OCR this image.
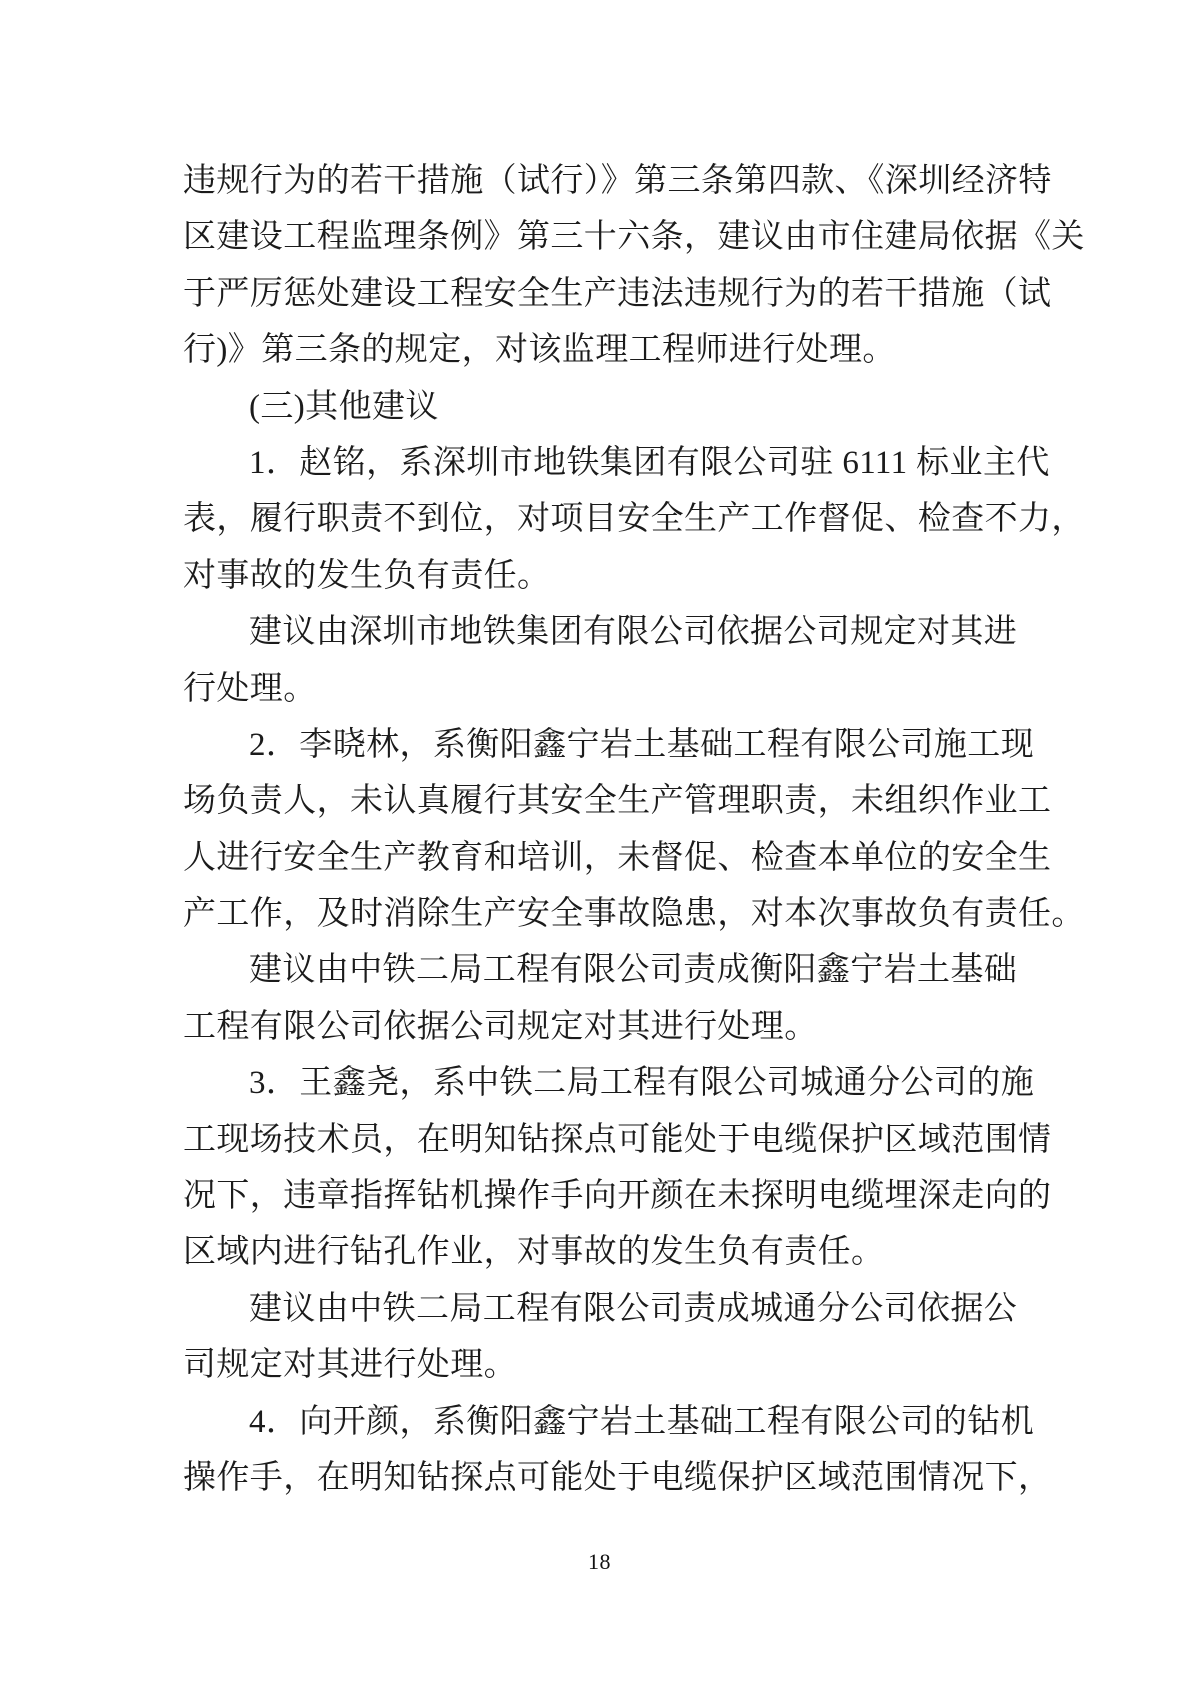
违规行为的若干措施（试行）》第三条第四款、《深圳经济特
区建设工程监理条例》第三十六条，建议由市住建局依据《关
于严厉惩处建设工程安全生产违法违规行为的若干措施（试
行)》第三条的规定，对该监理工程师进行处理。
(三)其他建议
1．赵铭，系深圳市地铁集团有限公司驻 6111 标业主代
表，履行职责不到位，对项目安全生产工作督促、检查不力，
对事故的发生负有责任。
建议由深圳市地铁集团有限公司依据公司规定对其进
行处理。
2．李晓林，系衡阳鑫宁岩土基础工程有限公司施工现
场负责人，未认真履行其安全生产管理职责，未组织作业工
人进行安全生产教育和培训，未督促、检查本单位的安全生
产工作，及时消除生产安全事故隐患，对本次事故负有责任。
建议由中铁二局工程有限公司责成衡阳鑫宁岩土基础
工程有限公司依据公司规定对其进行处理。
3．王鑫尧，系中铁二局工程有限公司城通分公司的施
工现场技术员，在明知钻探点可能处于电缆保护区域范围情
况下，违章指挥钻机操作手向开颜在未探明电缆埋深走向的
区域内进行钻孔作业，对事故的发生负有责任。
建议由中铁二局工程有限公司责成城通分公司依据公
司规定对其进行处理。
4．向开颜，系衡阳鑫宁岩土基础工程有限公司的钻机
操作手，在明知钻探点可能处于电缆保护区域范围情况下，
18
